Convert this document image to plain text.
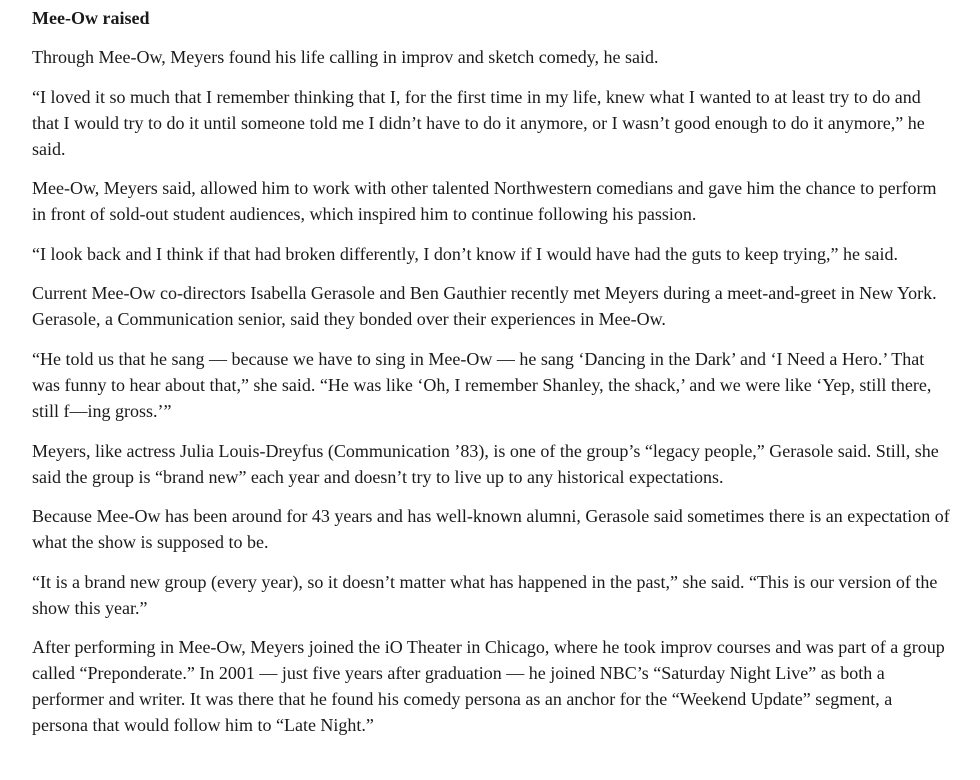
Mee-Ow raised

Through Mee-Ow, Meyers found his life calling in improv and sketch comedy, he said.

“I loved it so much that I remember thinking that I, for the first time in my life, knew what I wanted to at least try to do and that I would try to do it until someone told me I didn’t have to do it anymore, or I wasn’t good enough to do it anymore,” he said.

Mee-Ow, Meyers said, allowed him to work with other talented Northwestern comedians and gave him the chance to perform in front of sold-out student audiences, which inspired him to continue following his passion.

“I look back and I think if that had broken differently, I don’t know if I would have had the guts to keep trying,” he said.

Current Mee-Ow co-directors Isabella Gerasole and Ben Gauthier recently met Meyers during a meet-and-greet in New York. Gerasole, a Communication senior, said they bonded over their experiences in Mee-Ow.

“He told us that he sang — because we have to sing in Mee-Ow — he sang ‘Dancing in the Dark’ and ‘I Need a Hero.’ That was funny to hear about that,” she said. “He was like ‘Oh, I remember Shanley, the shack,’ and we were like ‘Yep, still there, still f—ing gross.’”

Meyers, like actress Julia Louis-Dreyfus (Communication ’83), is one of the group’s “legacy people,” Gerasole said. Still, she said the group is “brand new” each year and doesn’t try to live up to any historical expectations.

Because Mee-Ow has been around for 43 years and has well-known alumni, Gerasole said sometimes there is an expectation of what the show is supposed to be.

“It is a brand new group (every year), so it doesn’t matter what has happened in the past,” she said. “This is our version of the show this year.”

After performing in Mee-Ow, Meyers joined the iO Theater in Chicago, where he took improv courses and was part of a group called “Preponderate.” In 2001 — just five years after graduation — he joined NBC’s “Saturday Night Live” as both a performer and writer. It was there that he found his comedy persona as an anchor for the “Weekend Update” segment, a persona that would follow him to “Late Night.”
